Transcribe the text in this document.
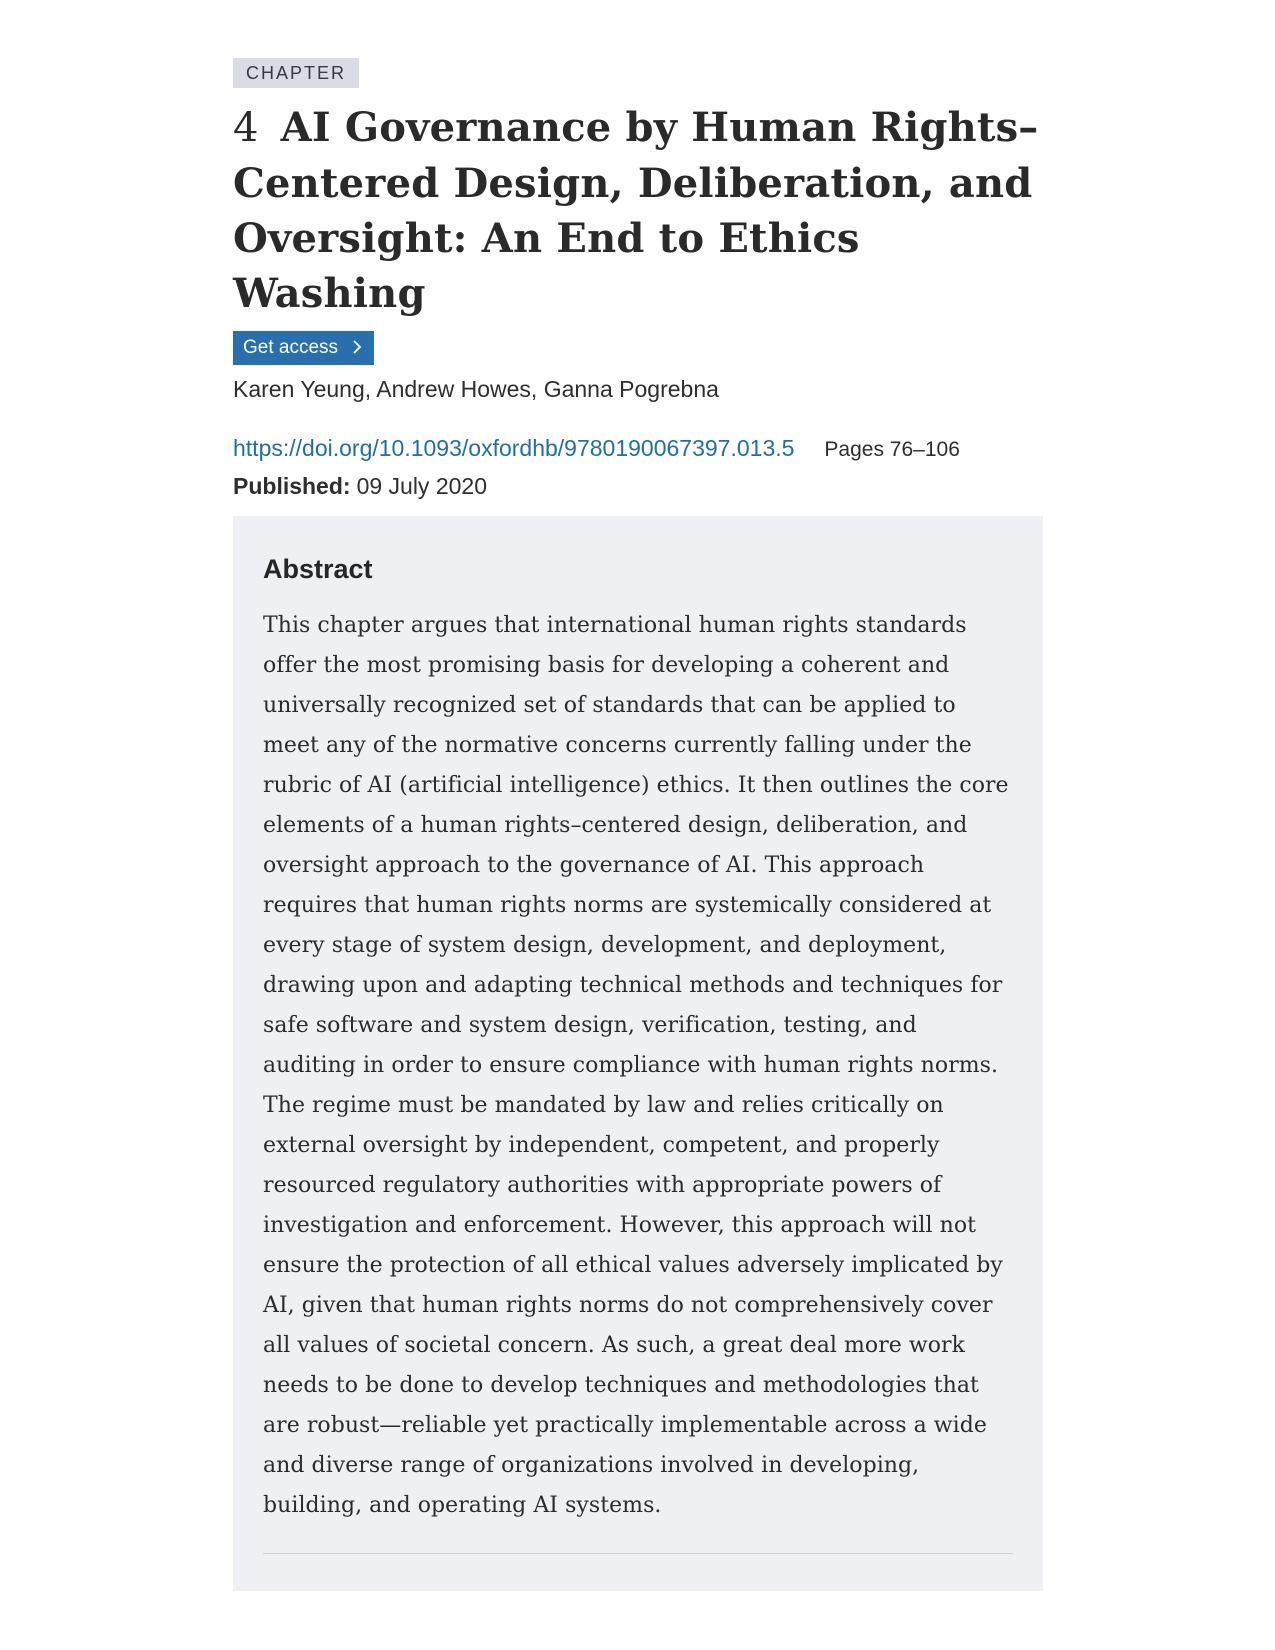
CHAPTER
4 AI Governance by Human Rights–Centered Design, Deliberation, and Oversight: An End to Ethics Washing
Get access
Karen Yeung, Andrew Howes, Ganna Pogrebna
https://doi.org/10.1093/oxfordhb/9780190067397.013.5 Pages 76–106
Published: 09 July 2020
Abstract

This chapter argues that international human rights standards offer the most promising basis for developing a coherent and universally recognized set of standards that can be applied to meet any of the normative concerns currently falling under the rubric of AI (artificial intelligence) ethics. It then outlines the core elements of a human rights–centered design, deliberation, and oversight approach to the governance of AI. This approach requires that human rights norms are systemically considered at every stage of system design, development, and deployment, drawing upon and adapting technical methods and techniques for safe software and system design, verification, testing, and auditing in order to ensure compliance with human rights norms. The regime must be mandated by law and relies critically on external oversight by independent, competent, and properly resourced regulatory authorities with appropriate powers of investigation and enforcement. However, this approach will not ensure the protection of all ethical values adversely implicated by AI, given that human rights norms do not comprehensively cover all values of societal concern. As such, a great deal more work needs to be done to develop techniques and methodologies that are robust—reliable yet practically implementable across a wide and diverse range of organizations involved in developing, building, and operating AI systems.
